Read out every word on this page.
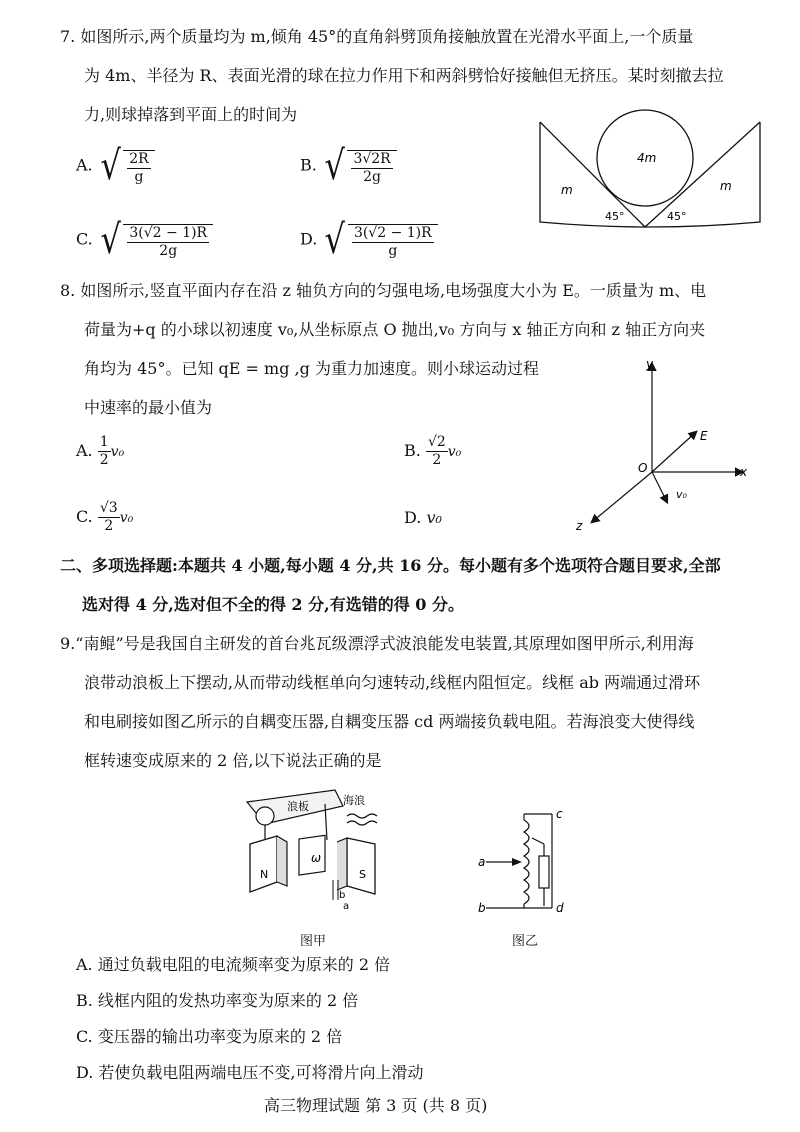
7. 如图所示,两个质量均为 m,倾角 45°的直角斜劈顶角接触放置在光滑水平面上,一个质量
为 4m、半径为 R、表面光滑的球在拉力作用下和两斜劈恰好接触但无挤压。某时刻撤去拉
力,则球掉落到平面上的时间为
A. √ $\frac{2R}{g}$	B. √ $\frac{3√2R}{2g}$
C. √ $\frac{3(√2 - 1)R}{2g}$	D. √ $\frac{3(√2 - 1)R}{g}$
4m
m	m
45°	45°
8. 如图所示,竖直平面内存在沿 z 轴负方向的匀强电场,电场强度大小为 E。一质量为 m、电
荷量为+q 的小球以初速度 v₀,从坐标原点 O 抛出,v₀ 方向与 x 轴正方向和 z 轴正方向夹
角均为 45°。已知 qE = mg ,g 为重力加速度。则小球运动过程
中速率的最小值为
A. $\frac{1}{2} v_0$	B. $\frac{√2}{2} v_0$
C. $\frac{√3}{2} v_0$	D. v₀
y
x
z
E
O
v₀
二、多项选择题:本题共 4 小题,每小题 4 分,共 16 分。每小题有多个选项符合题目要求,全部
选对得 4 分,选对但不全的得 2 分,有选错的得 0 分。
9.“南鲲”号是我国自主研发的首台兆瓦级漂浮式波浪能发电装置,其原理如图甲所示,利用海
浪带动浪板上下摆动,从而带动线框单向匀速转动,线框内阻恒定。线框 ab 两端通过滑环
和电刷接如图乙所示的自耦变压器,自耦变压器 cd 两端接负载电阻。若海浪变大使得线
框转速变成原来的 2 倍,以下说法正确的是
浪板	海浪
N	S
ω
b
a
图甲
a
b
c
d
图乙
A. 通过负载电阻的电流频率变为原来的 2 倍
B. 线框内阻的发热功率变为原来的 2 倍
C. 变压器的输出功率变为原来的 2 倍
D. 若使负载电阻两端电压不变,可将滑片向上滑动
高三物理试题 第 3 页 (共 8 页)
